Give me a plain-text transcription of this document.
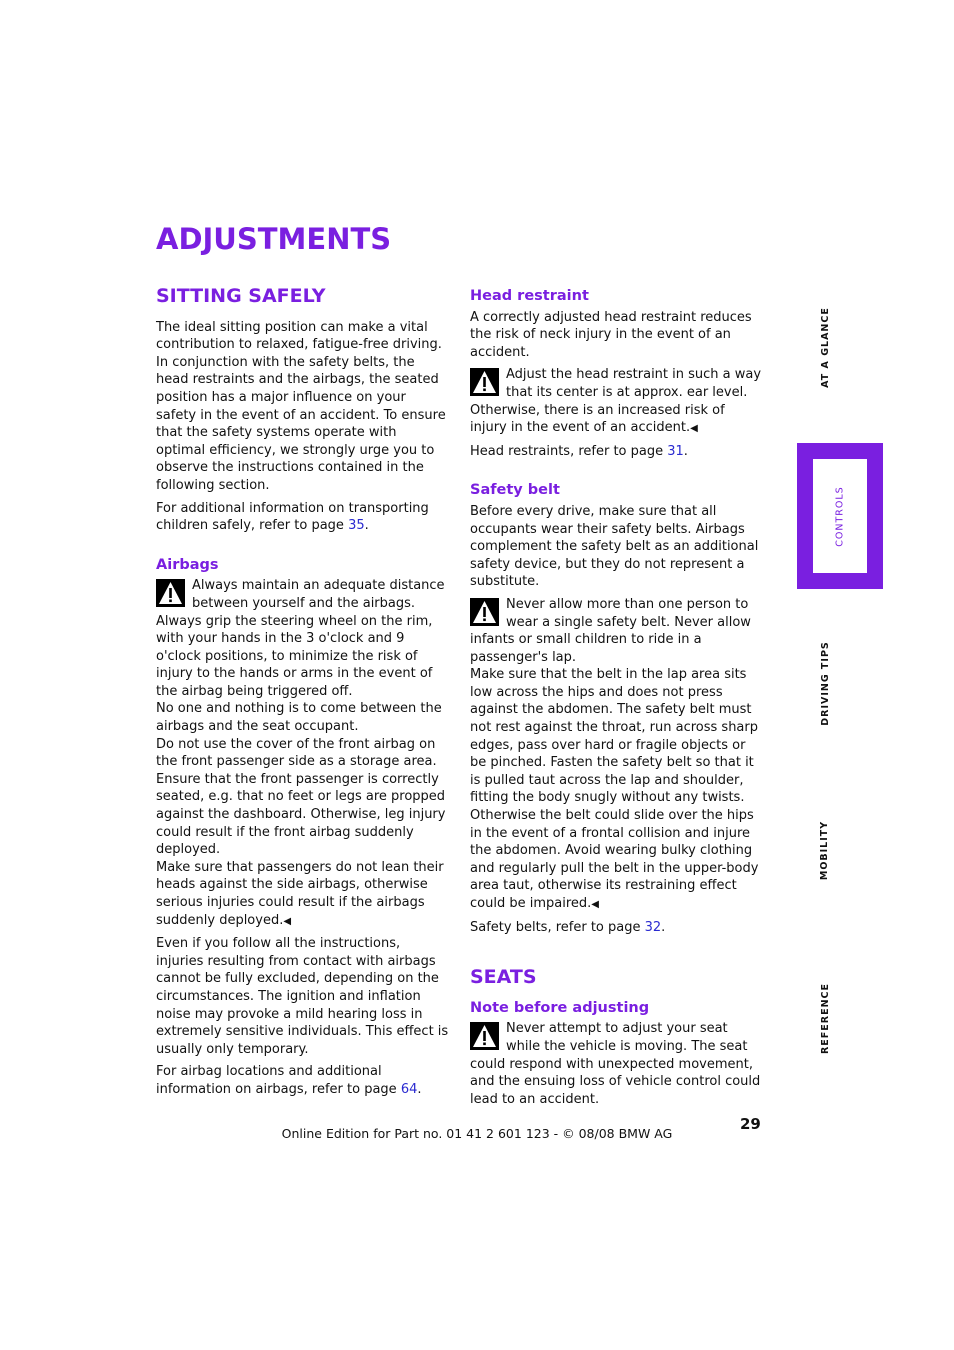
ADJUSTMENTS
SITTING SAFELY

The ideal sitting position can make a vital contribution to relaxed, fatigue-free driving. In conjunction with the safety belts, the head restraints and the airbags, the seated position has a major influence on your safety in the event of an accident. To ensure that the safety systems operate with optimal efficiency, we strongly urge you to observe the instructions contained in the following section.

For additional information on transporting children safely, refer to page 35.

Airbags

Always maintain an adequate distance between yourself and the airbags. Always grip the steering wheel on the rim, with your hands in the 3 o'clock and 9 o'clock positions, to minimize the risk of injury to the hands or arms in the event of the airbag being triggered off.

No one and nothing is to come between the airbags and the seat occupant.

Do not use the cover of the front airbag on the front passenger side as a storage area. Ensure that the front passenger is correctly seated, e.g. that no feet or legs are propped against the dashboard. Otherwise, leg injury could result if the front airbag suddenly deployed.

Make sure that passengers do not lean their heads against the side airbags, otherwise serious injuries could result if the airbags suddenly deployed.◀

Even if you follow all the instructions, injuries resulting from contact with airbags cannot be fully excluded, depending on the circumstances. The ignition and inflation noise may provoke a mild hearing loss in extremely sensitive individuals. This effect is usually only temporary.

For airbag locations and additional information on airbags, refer to page 64.

Head restraint

A correctly adjusted head restraint reduces the risk of neck injury in the event of an accident.

Adjust the head restraint in such a way that its center is at approx. ear level. Otherwise, there is an increased risk of injury in the event of an accident.◀

Head restraints, refer to page 31.

Safety belt

Before every drive, make sure that all occupants wear their safety belts. Airbags complement the safety belt as an additional safety device, but they do not represent a substitute.

Never allow more than one person to wear a single safety belt. Never allow infants or small children to ride in a passenger's lap.

Make sure that the belt in the lap area sits low across the hips and does not press against the abdomen. The safety belt must not rest against the throat, run across sharp edges, pass over hard or fragile objects or be pinched. Fasten the safety belt so that it is pulled taut across the lap and shoulder, fitting the body snugly without any twists. Otherwise the belt could slide over the hips in the event of a frontal collision and injure the abdomen. Avoid wearing bulky clothing and regularly pull the belt in the upper-body area taut, otherwise its restraining effect could be impaired.◀

Safety belts, refer to page 32.

SEATS
Note before adjusting

Never attempt to adjust your seat while the vehicle is moving. The seat could respond with unexpected movement, and the ensuing loss of vehicle control could lead to an accident.

AT A GLANCE
CONTROLS
DRIVING TIPS
MOBILITY
REFERENCE
29
Online Edition for Part no. 01 41 2 601 123 - © 08/08 BMW AG
